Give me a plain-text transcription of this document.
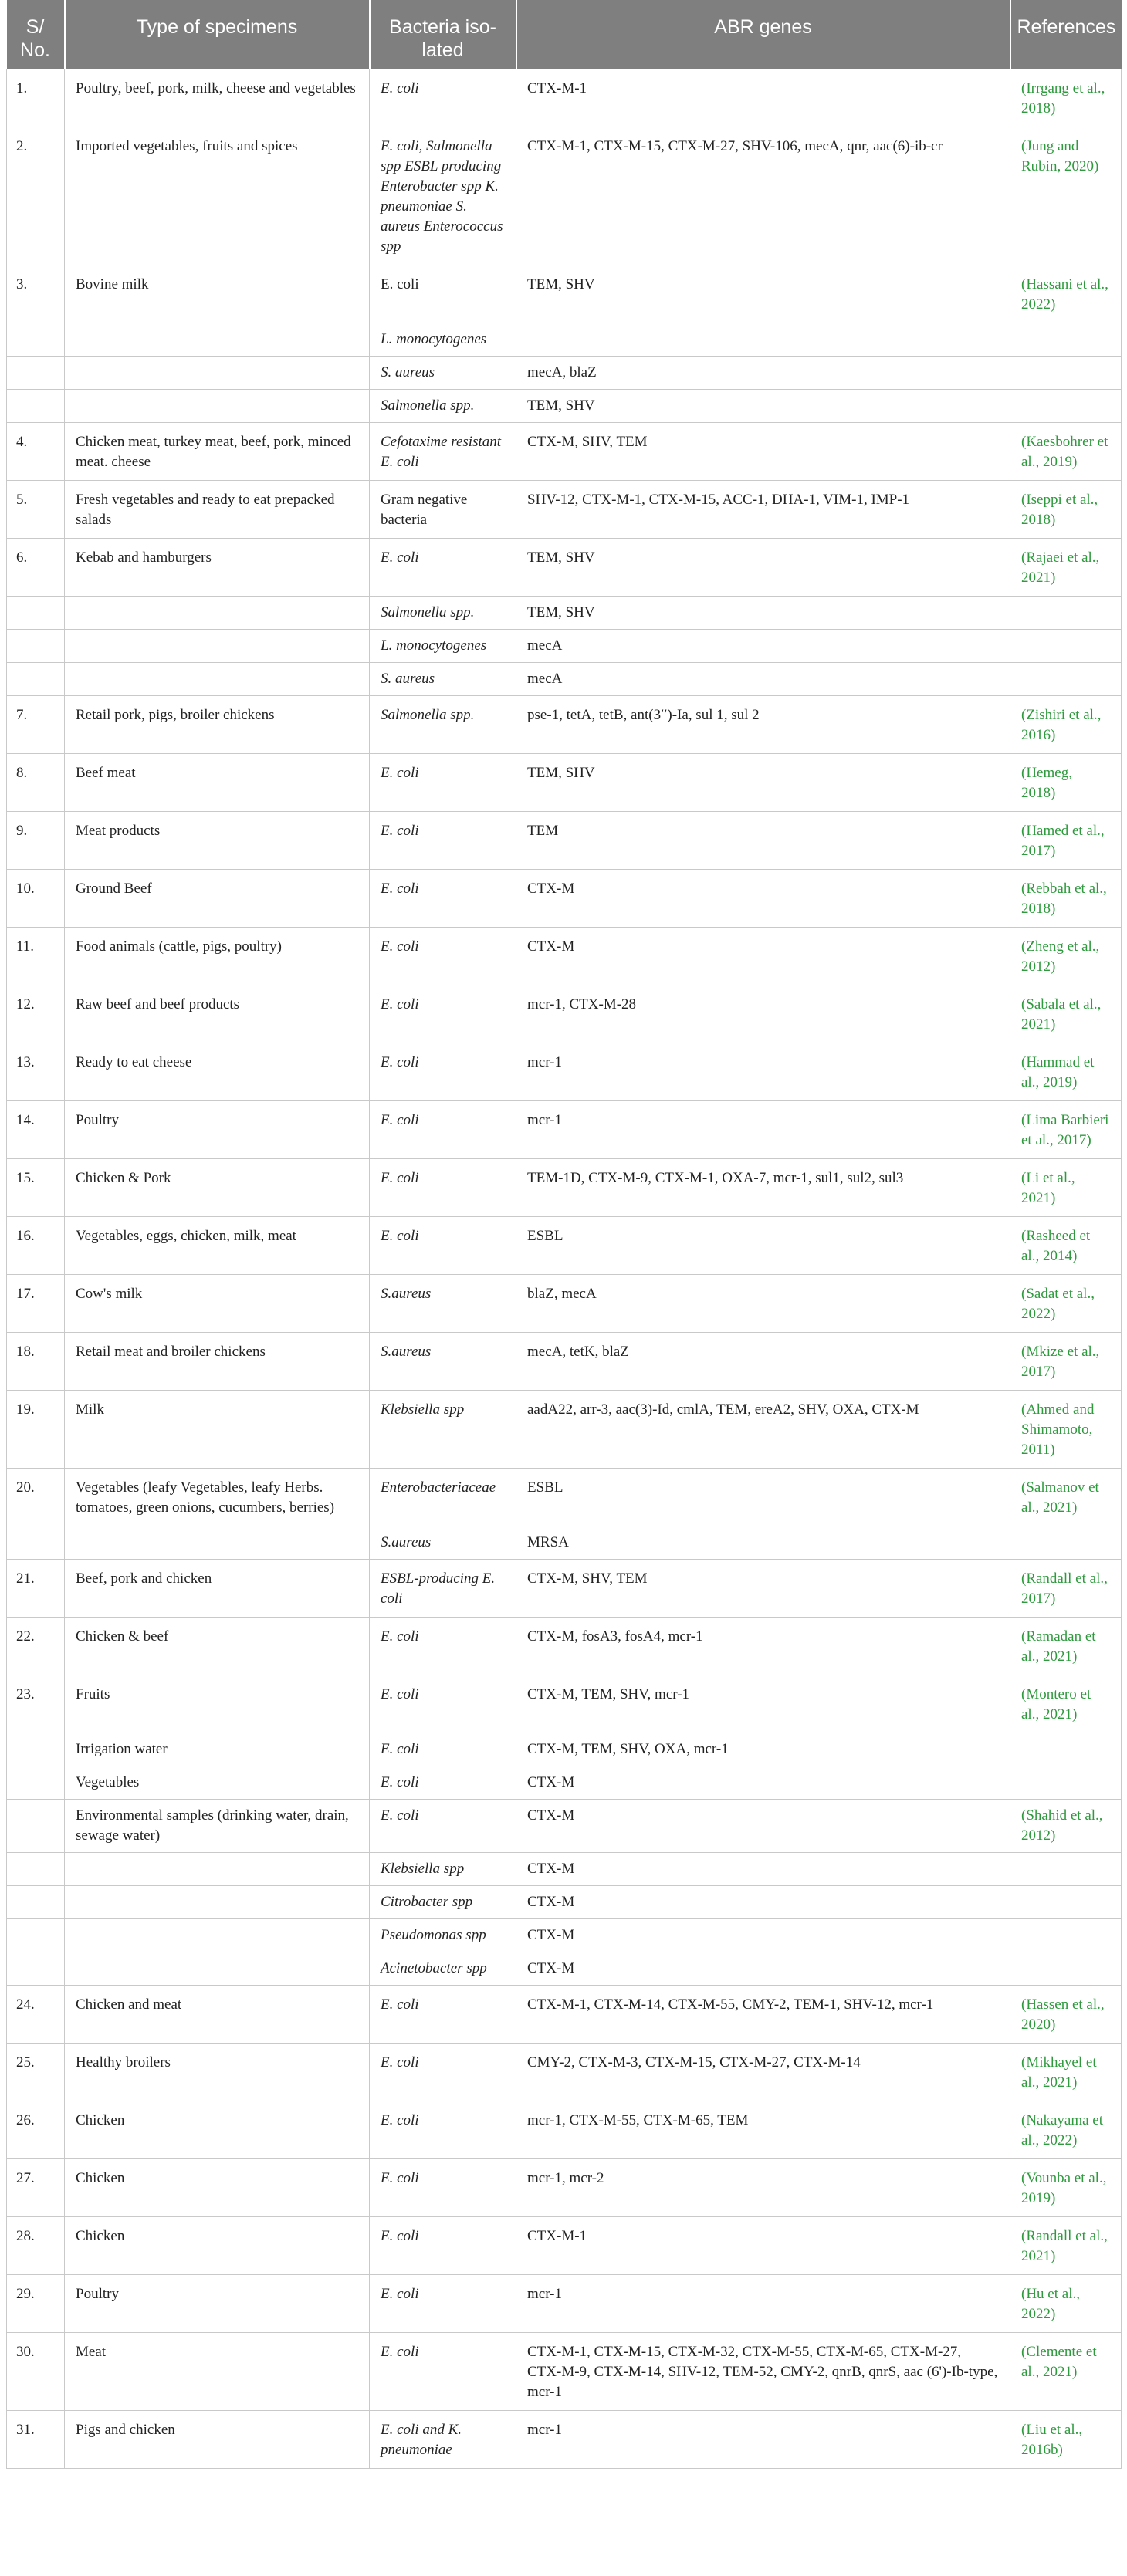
S/ No.	Type of specimens	Bacteria iso- lated	ABR genes	References
1.	Poultry, beef, pork, milk, cheese and vegetables	E. coli	CTX-M-1	(Irrgang et al., 2018)
2.	Imported vegetables, fruits and spices	E. coli, Salmonella spp ESBL producing Enterobacter spp K. pneumoniae S. aureus Enterococcus spp	CTX-M-1, CTX-M-15, CTX-M-27, SHV-106, mecA, qnr, aac(6)-ib-cr	(Jung and Rubin, 2020)
3.	Bovine milk	E. coli	TEM, SHV	(Hassani et al., 2022)
		L. monocytogenes	–	
		S. aureus	mecA, blaZ	
		Salmonella spp.	TEM, SHV	
4.	Chicken meat, turkey meat, beef, pork, minced meat. cheese	Cefotaxime resistant E. coli	CTX-M, SHV, TEM	(Kaesbohrer et al., 2019)
5.	Fresh vegetables and ready to eat prepacked salads	Gram negative bacteria	SHV-12, CTX-M-1, CTX-M-15, ACC-1, DHA-1, VIM-1, IMP-1	(Iseppi et al., 2018)
6.	Kebab and hamburgers	E. coli	TEM, SHV	(Rajaei et al., 2021)
		Salmonella spp.	TEM, SHV	
		L. monocytogenes	mecA	
		S. aureus	mecA	
7.	Retail pork, pigs, broiler chickens	Salmonella spp.	pse-1, tetA, tetB, ant(3′′)-Ia, sul 1, sul 2	(Zishiri et al., 2016)
8.	Beef meat	E. coli	TEM, SHV	(Hemeg, 2018)
9.	Meat products	E. coli	TEM	(Hamed et al., 2017)
10.	Ground Beef	E. coli	CTX-M	(Rebbah et al., 2018)
11.	Food animals (cattle, pigs, poultry)	E. coli	CTX-M	(Zheng et al., 2012)
12.	Raw beef and beef products	E. coli	mcr-1, CTX-M-28	(Sabala et al., 2021)
13.	Ready to eat cheese	E. coli	mcr-1	(Hammad et al., 2019)
14.	Poultry	E. coli	mcr-1	(Lima Barbieri et al., 2017)
15.	Chicken & Pork	E. coli	TEM-1D, CTX-M-9, CTX-M-1, OXA-7, mcr-1, sul1, sul2, sul3	(Li et al., 2021)
16.	Vegetables, eggs, chicken, milk, meat	E. coli	ESBL	(Rasheed et al., 2014)
17.	Cow's milk	S.aureus	blaZ, mecA	(Sadat et al., 2022)
18.	Retail meat and broiler chickens	S.aureus	mecA, tetK, blaZ	(Mkize et al., 2017)
19.	Milk	Klebsiella spp	aadA22, arr-3, aac(3)-Id, cmlA, TEM, ereA2, SHV, OXA, CTX-M	(Ahmed and Shimamoto, 2011)
20.	Vegetables (leafy Vegetables, leafy Herbs. tomatoes, green onions, cucumbers, berries)	Enterobacteriaceae	ESBL	(Salmanov et al., 2021)
		S.aureus	MRSA	
21.	Beef, pork and chicken	ESBL-producing E. coli	CTX-M, SHV, TEM	(Randall et al., 2017)
22.	Chicken & beef	E. coli	CTX-M, fosA3, fosA4, mcr-1	(Ramadan et al., 2021)
23.	Fruits	E. coli	CTX-M, TEM, SHV, mcr-1	(Montero et al., 2021)
	Irrigation water	E. coli	CTX-M, TEM, SHV, OXA, mcr-1	
	Vegetables	E. coli	CTX-M	
	Environmental samples (drinking water, drain, sewage water)	E. coli	CTX-M	(Shahid et al., 2012)
		Klebsiella spp	CTX-M	
		Citrobacter spp	CTX-M	
		Pseudomonas spp	CTX-M	
		Acinetobacter spp	CTX-M	
24.	Chicken and meat	E. coli	CTX-M-1, CTX-M-14, CTX-M-55, CMY-2, TEM-1, SHV-12, mcr-1	(Hassen et al., 2020)
25.	Healthy broilers	E. coli	CMY-2, CTX-M-3, CTX-M-15, CTX-M-27, CTX-M-14	(Mikhayel et al., 2021)
26.	Chicken	E. coli	mcr-1, CTX-M-55, CTX-M-65, TEM	(Nakayama et al., 2022)
27.	Chicken	E. coli	mcr-1, mcr-2	(Vounba et al., 2019)
28.	Chicken	E. coli	CTX-M-1	(Randall et al., 2021)
29.	Poultry	E. coli	mcr-1	(Hu et al., 2022)
30.	Meat	E. coli	CTX-M-1, CTX-M-15, CTX-M-32, CTX-M-55, CTX-M-65, CTX-M-27, CTX-M-9, CTX-M-14, SHV-12, TEM-52, CMY-2, qnrB, qnrS, aac (6')-Ib-type, mcr-1	(Clemente et al., 2021)
31.	Pigs and chicken	E. coli and K. pneumoniae	mcr-1	(Liu et al., 2016b)
